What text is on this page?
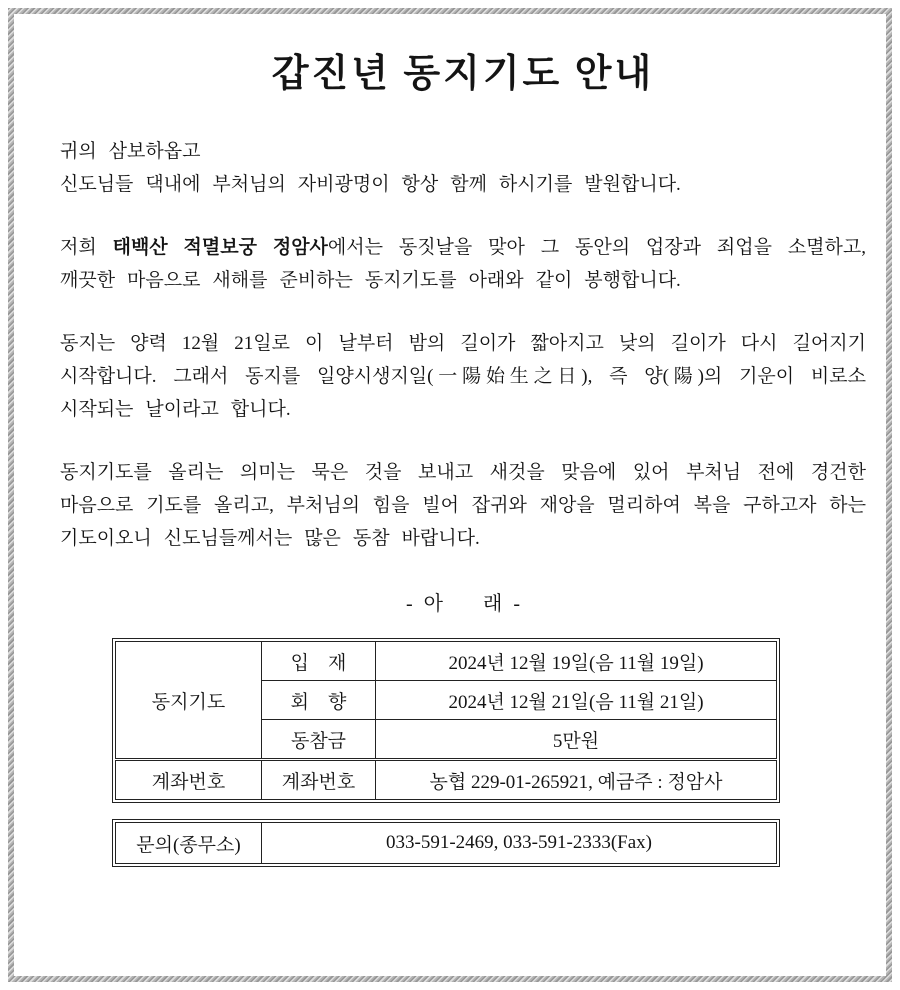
갑진년 동지기도 안내

귀의 삼보하옵고
신도님들 댁내에 부처님의 자비광명이 항상 함께 하시기를 발원합니다.

저희 태백산 적멸보궁 정암사에서는 동짓날을 맞아 그 동안의 업장과 죄업을 소멸하고, 깨끗한 마음으로 새해를 준비하는 동지기도를 아래와 같이 봉행합니다.

동지는 양력 12월 21일로 이 날부터 밤의 길이가 짧아지고 낮의 길이가 다시 길어지기 시작합니다. 그래서 동지를 일양시생지일(一陽始生之日), 즉 양(陽)의 기운이 비로소 시작되는 날이라고 합니다.

동지기도를 올리는 의미는 묵은 것을 보내고 새것을 맞음에 있어 부처님 전에 경건한 마음으로 기도를 올리고, 부처님의 힘을 빌어 잡귀와 재앙을 멀리하여 복을 구하고자 하는 기도이오니 신도님들께서는 많은 동참 바랍니다.

- 아　　래 -
동지기도	입　재	2024년 12월 19일(음 11월 19일)
	회　향	2024년 12월 21일(음 11월 21일)
	동참금	5만원
계좌번호	계좌번호	농협 229-01-265921, 예금주 : 정암사
문의(종무소)	033-591-2469, 033-591-2333(Fax)
